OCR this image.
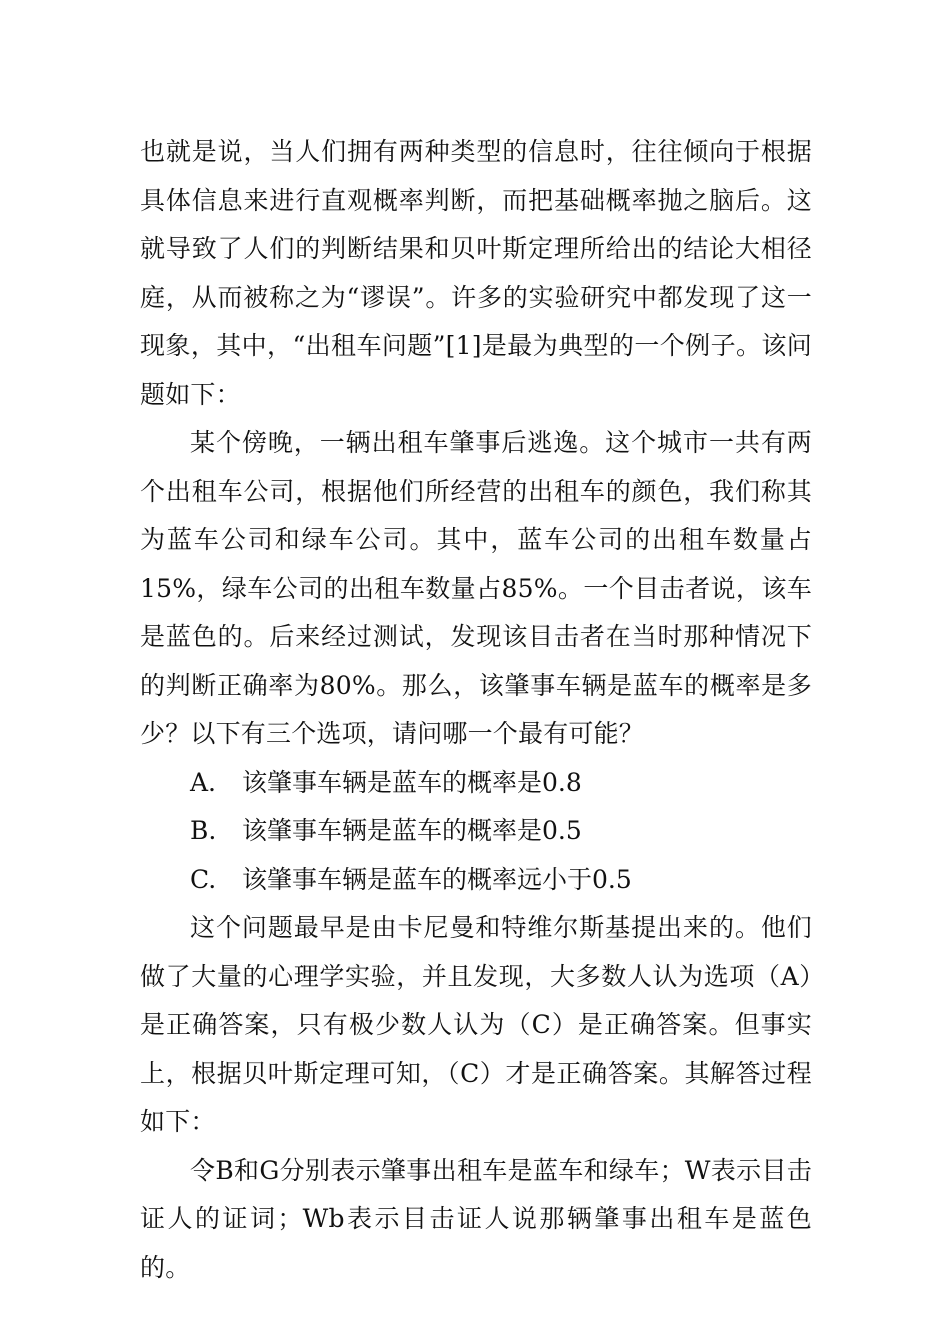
也就是说，当人们拥有两种类型的信息时，往往倾向于根据具体信息来进行直观概率判断，而把基础概率抛之脑后。这就导致了人们的判断结果和贝叶斯定理所给出的结论大相径庭，从而被称之为“谬误”。许多的实验研究中都发现了这一现象，其中，“出租车问题”[1]是最为典型的一个例子。该问题如下：

某个傍晚，一辆出租车肇事后逃逸。这个城市一共有两个出租车公司，根据他们所经营的出租车的颜色，我们称其为蓝车公司和绿车公司。其中，蓝车公司的出租车数量占15%，绿车公司的出租车数量占85%。一个目击者说，该车是蓝色的。后来经过测试，发现该目击者在当时那种情况下的判断正确率为80%。那么，该肇事车辆是蓝车的概率是多少？以下有三个选项，请问哪一个最有可能？

A.	该肇事车辆是蓝车的概率是0.8
B.	该肇事车辆是蓝车的概率是0.5
C.	该肇事车辆是蓝车的概率远小于0.5

这个问题最早是由卡尼曼和特维尔斯基提出来的。他们做了大量的心理学实验，并且发现，大多数人认为选项（A）是正确答案，只有极少数人认为（C）是正确答案。但事实上，根据贝叶斯定理可知，（C）才是正确答案。其解答过程如下：

令B和G分别表示肇事出租车是蓝车和绿车；W表示目击证人的证词；Wb表示目击证人说那辆肇事出租车是蓝色的。
